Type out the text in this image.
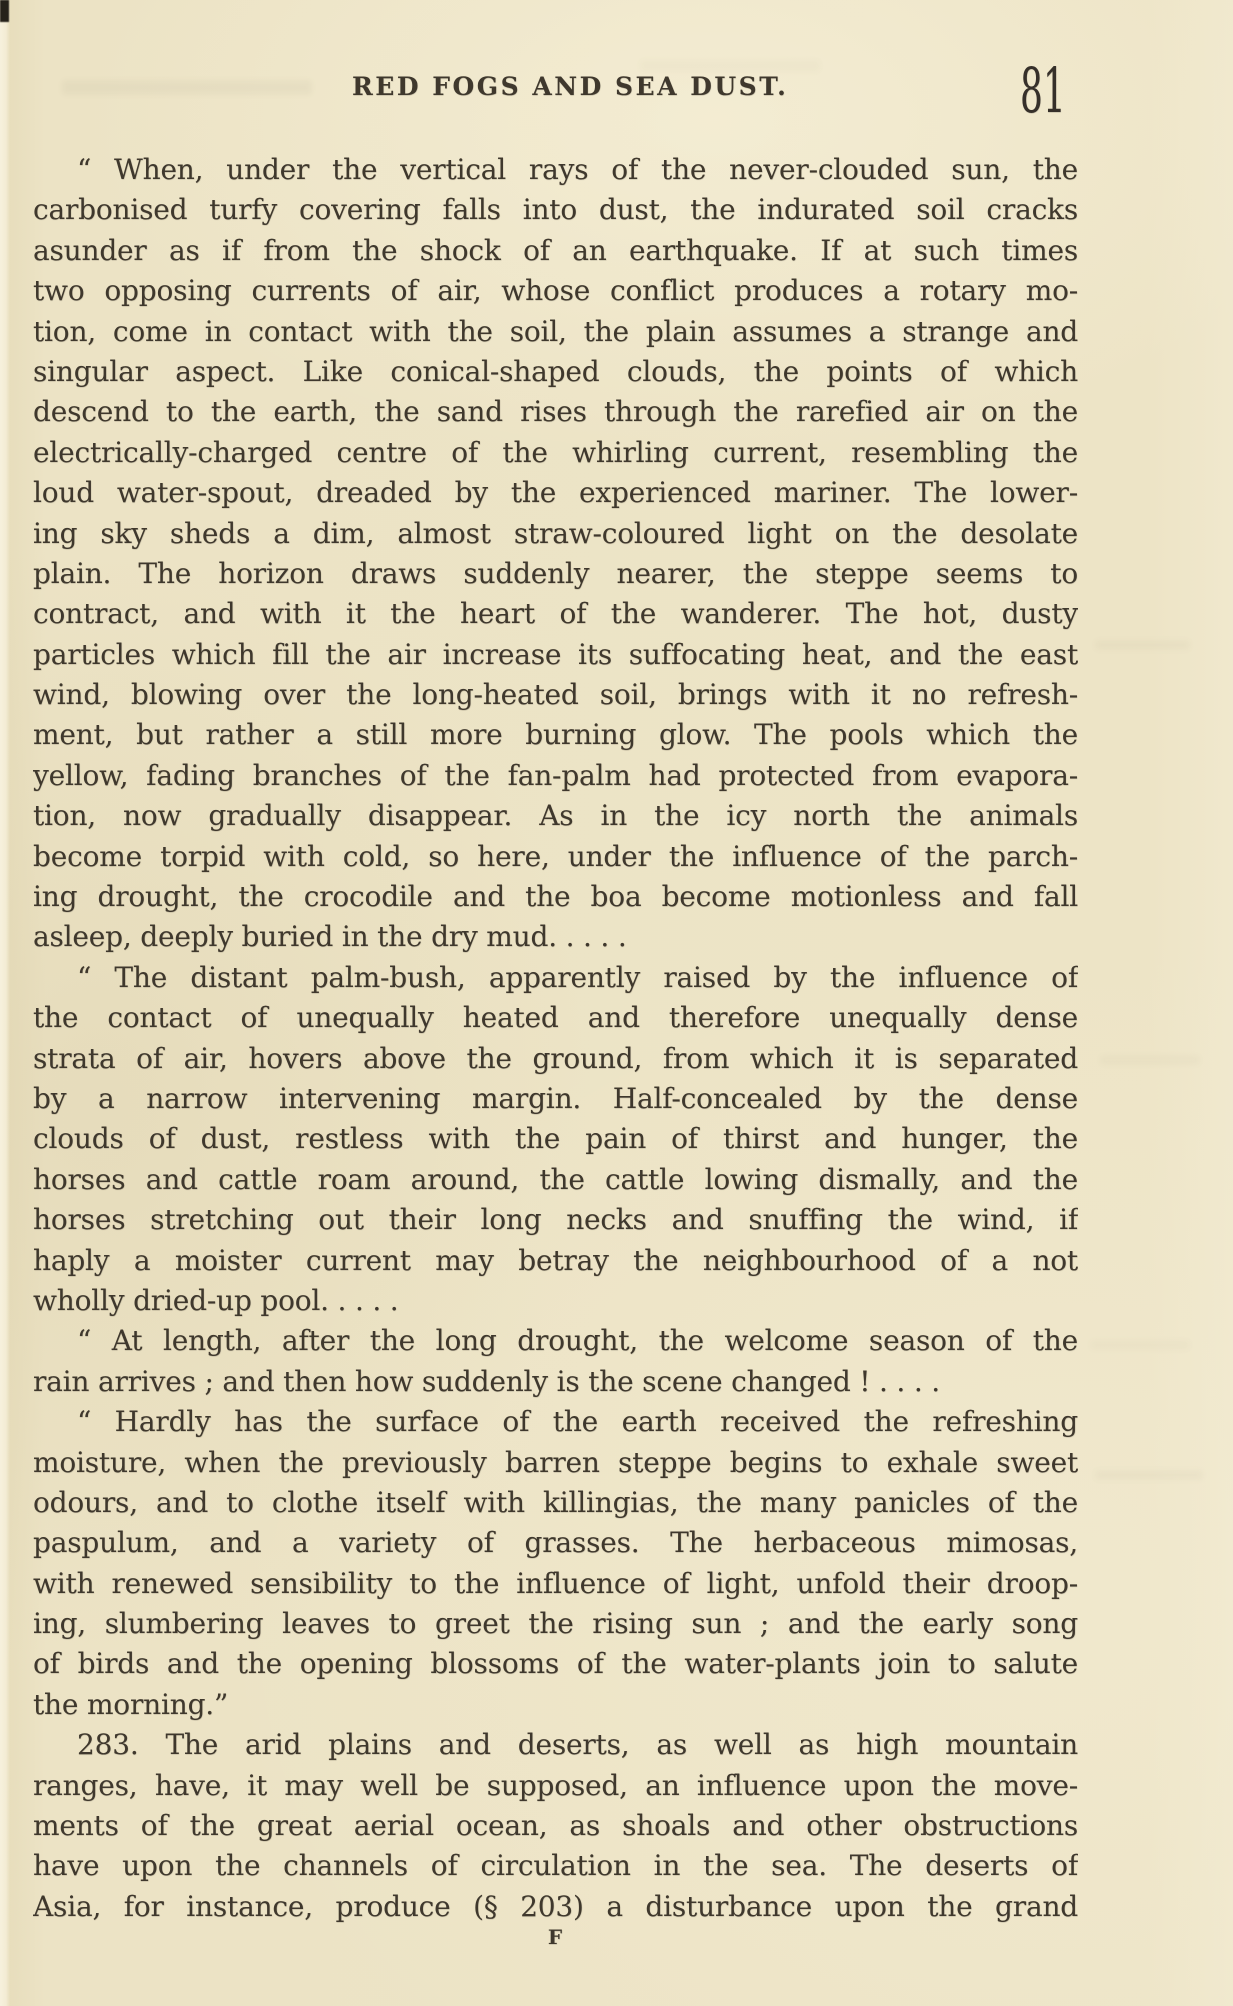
RED FOGS AND SEA DUST.	81
“ When, under the vertical rays of the never-clouded sun, the
carbonised turfy covering falls into dust, the indurated soil cracks
asunder as if from the shock of an earthquake. If at such times
two opposing currents of air, whose conflict produces a rotary mo-
tion, come in contact with the soil, the plain assumes a strange and
singular aspect. Like conical-shaped clouds, the points of which
descend to the earth, the sand rises through the rarefied air on the
electrically-charged centre of the whirling current, resembling the
loud water-spout, dreaded by the experienced mariner. The lower-
ing sky sheds a dim, almost straw-coloured light on the desolate
plain. The horizon draws suddenly nearer, the steppe seems to
contract, and with it the heart of the wanderer. The hot, dusty
particles which fill the air increase its suffocating heat, and the east
wind, blowing over the long-heated soil, brings with it no refresh-
ment, but rather a still more burning glow. The pools which the
yellow, fading branches of the fan-palm had protected from evapora-
tion, now gradually disappear. As in the icy north the animals
become torpid with cold, so here, under the influence of the parch-
ing drought, the crocodile and the boa become motionless and fall
asleep, deeply buried in the dry mud. . . . .
“ The distant palm-bush, apparently raised by the influence of
the contact of unequally heated and therefore unequally dense
strata of air, hovers above the ground, from which it is separated
by a narrow intervening margin. Half-concealed by the dense
clouds of dust, restless with the pain of thirst and hunger, the
horses and cattle roam around, the cattle lowing dismally, and the
horses stretching out their long necks and snuffing the wind, if
haply a moister current may betray the neighbourhood of a not
wholly dried-up pool. . . . .
“ At length, after the long drought, the welcome season of the
rain arrives ; and then how suddenly is the scene changed ! . . . .
“ Hardly has the surface of the earth received the refreshing
moisture, when the previously barren steppe begins to exhale sweet
odours, and to clothe itself with killingias, the many panicles of the
paspulum, and a variety of grasses. The herbaceous mimosas,
with renewed sensibility to the influence of light, unfold their droop-
ing, slumbering leaves to greet the rising sun ; and the early song
of birds and the opening blossoms of the water-plants join to salute
the morning.”
283. The arid plains and deserts, as well as high mountain
ranges, have, it may well be supposed, an influence upon the move-
ments of the great aerial ocean, as shoals and other obstructions
have upon the channels of circulation in the sea. The deserts of
Asia, for instance, produce (§ 203) a disturbance upon the grand
F
